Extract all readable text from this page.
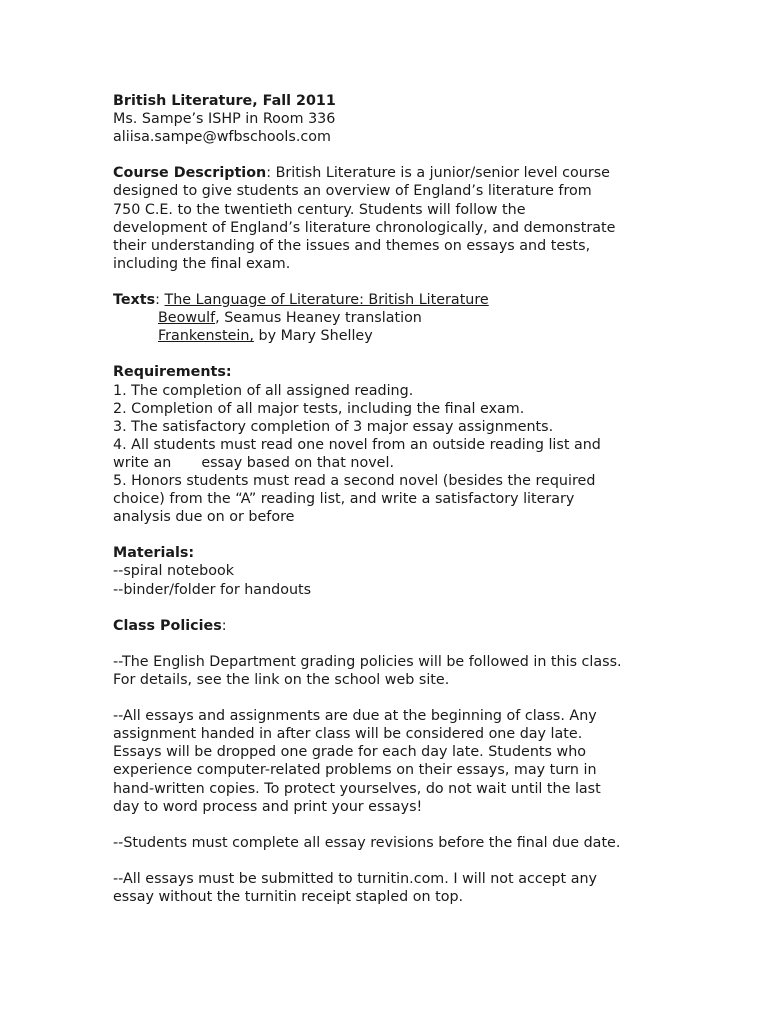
British Literature, Fall 2011
Ms. Sampe’s ISHP in Room 336
aliisa.sampe@wfbschools.com
Course Description: British Literature is a junior/senior level course
designed to give students an overview of England’s literature from
750 C.E. to the twentieth century. Students will follow the
development of England’s literature chronologically, and demonstrate
their understanding of the issues and themes on essays and tests,
including the final exam.
Texts: The Language of Literature: British Literature
Beowulf, Seamus Heaney translation
Frankenstein, by Mary Shelley
Requirements:
1. The completion of all assigned reading.
2. Completion of all major tests, including the final exam.
3. The satisfactory completion of 3 major essay assignments.
4. All students must read one novel from an outside reading list and
write an essay based on that novel.
5. Honors students must read a second novel (besides the required
choice) from the “A” reading list, and write a satisfactory literary
analysis due on or before
Materials:
--spiral notebook
--binder/folder for handouts
Class Policies:
--The English Department grading policies will be followed in this class.
For details, see the link on the school web site.
--All essays and assignments are due at the beginning of class. Any
assignment handed in after class will be considered one day late.
Essays will be dropped one grade for each day late. Students who
experience computer-related problems on their essays, may turn in
hand-written copies. To protect yourselves, do not wait until the last
day to word process and print your essays!
--Students must complete all essay revisions before the final due date.
--All essays must be submitted to turnitin.com. I will not accept any
essay without the turnitin receipt stapled on top.
